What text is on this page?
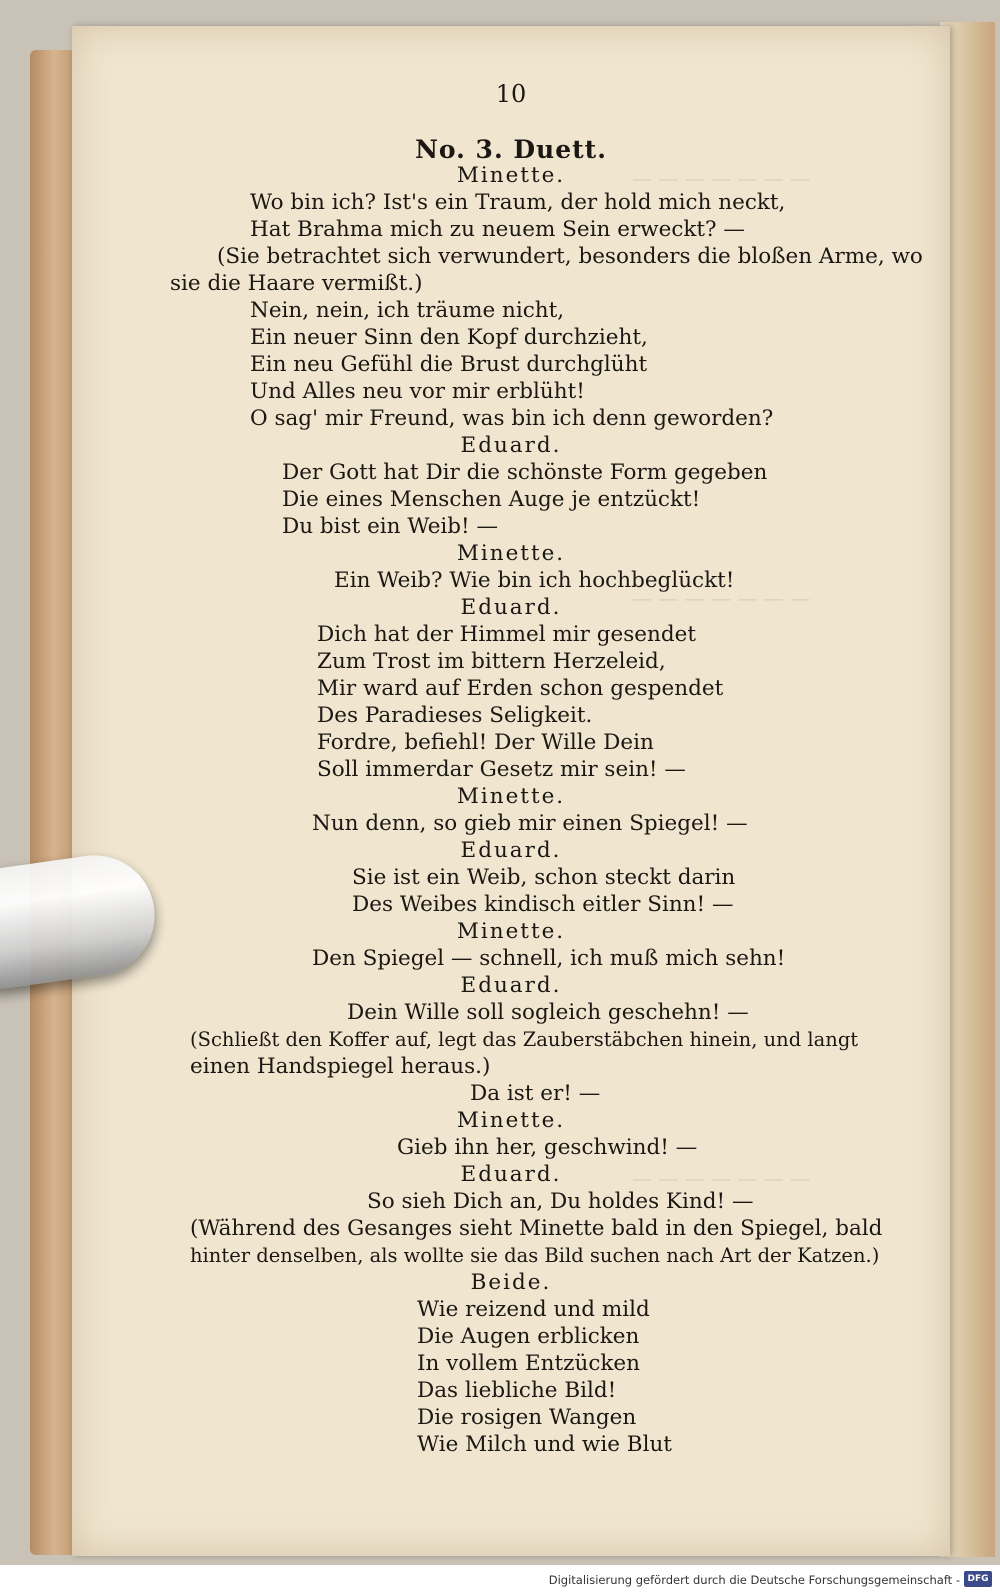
— — — — — — —
— — — — — — —
— — — — — — —
10
No. 3. Duett.
Minette.
Wo bin ich? Ist's ein Traum, der hold mich neckt,
Hat Brahma mich zu neuem Sein erweckt? —
(Sie betrachtet sich verwundert, besonders die bloßen Arme, wo
sie die Haare vermißt.)
Nein, nein, ich träume nicht,
Ein neuer Sinn den Kopf durchzieht,
Ein neu Gefühl die Brust durchglüht
Und Alles neu vor mir erblüht!
O sag' mir Freund, was bin ich denn geworden?
Eduard.
Der Gott hat Dir die schönste Form gegeben
Die eines Menschen Auge je entzückt!
Du bist ein Weib! —
Minette.
Ein Weib? Wie bin ich hochbeglückt!
Eduard.
Dich hat der Himmel mir gesendet
Zum Trost im bittern Herzeleid,
Mir ward auf Erden schon gespendet
Des Paradieses Seligkeit.
Fordre, befiehl! Der Wille Dein
Soll immerdar Gesetz mir sein! —
Minette.
Nun denn, so gieb mir einen Spiegel! —
Eduard.
Sie ist ein Weib, schon steckt darin
Des Weibes kindisch eitler Sinn! —
Minette.
Den Spiegel — schnell, ich muß mich sehn!
Eduard.
Dein Wille soll sogleich geschehn! —
(Schließt den Koffer auf, legt das Zauberstäbchen hinein, und langt
einen Handspiegel heraus.)
Da ist er! —
Minette.
Gieb ihn her, geschwind! —
Eduard.
So sieh Dich an, Du holdes Kind! —
(Während des Gesanges sieht Minette bald in den Spiegel, bald
hinter denselben, als wollte sie das Bild suchen nach Art der Katzen.)
Beide.
Wie reizend und mild
Die Augen erblicken
In vollem Entzücken
Das liebliche Bild!
Die rosigen Wangen
Wie Milch und wie Blut
Digitalisierung gefördert durch die Deutsche Forschungsgemeinschaft - DFG
